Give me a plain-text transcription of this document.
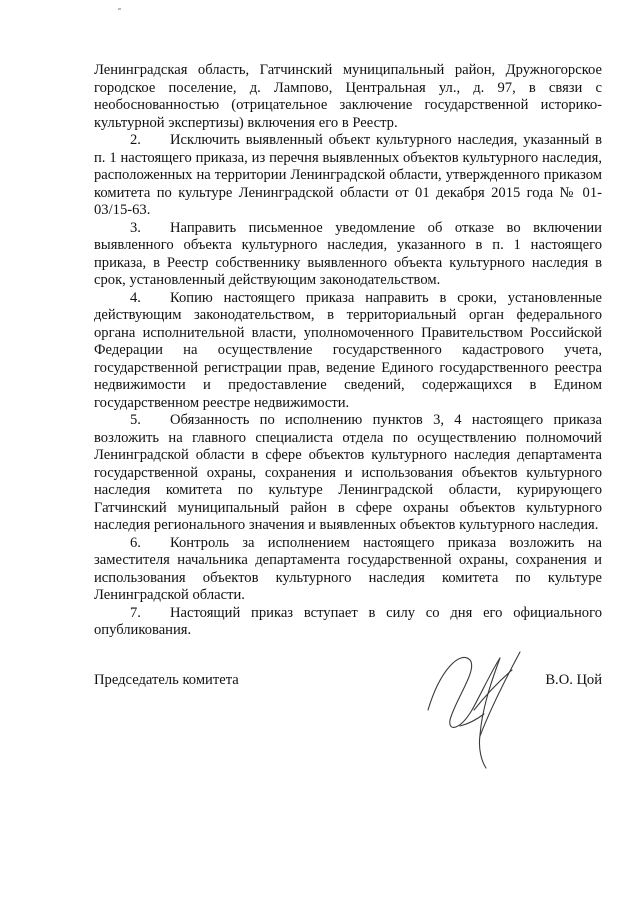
Ленинградская область, Гатчинский муниципальный район, Дружногорское городское поселение, д. Лампово, Центральная ул., д. 97, в связи с необоснованностью (отрицательное заключение государственной историко-культурной экспертизы) включения его в Реестр.

2. Исключить выявленный объект культурного наследия, указанный в п. 1 настоящего приказа, из перечня выявленных объектов культурного наследия, расположенных на территории Ленинградской области, утвержденного приказом комитета по культуре Ленинградской области от 01 декабря 2015 года № 01-03/15-63.

3. Направить письменное уведомление об отказе во включении выявленного объекта культурного наследия, указанного в п. 1 настоящего приказа, в Реестр собственнику выявленного объекта культурного наследия в срок, установленный действующим законодательством.

4. Копию настоящего приказа направить в сроки, установленные действующим законодательством, в территориальный орган федерального органа исполнительной власти, уполномоченного Правительством Российской Федерации на осуществление государственного кадастрового учета, государственной регистрации прав, ведение Единого государственного реестра недвижимости и предоставление сведений, содержащихся в Едином государственном реестре недвижимости.

5. Обязанность по исполнению пунктов 3, 4 настоящего приказа возложить на главного специалиста отдела по осуществлению полномочий Ленинградской области в сфере объектов культурного наследия департамента государственной охраны, сохранения и использования объектов культурного наследия комитета по культуре Ленинградской области, курирующего Гатчинский муниципальный район в сфере охраны объектов культурного наследия регионального значения и выявленных объектов культурного наследия.

6. Контроль за исполнением настоящего приказа возложить на заместителя начальника департамента государственной охраны, сохранения и использования объектов культурного наследия комитета по культуре Ленинградской области.

7. Настоящий приказ вступает в силу со дня его официального опубликования.

Председатель комитета	В.О. Цой
